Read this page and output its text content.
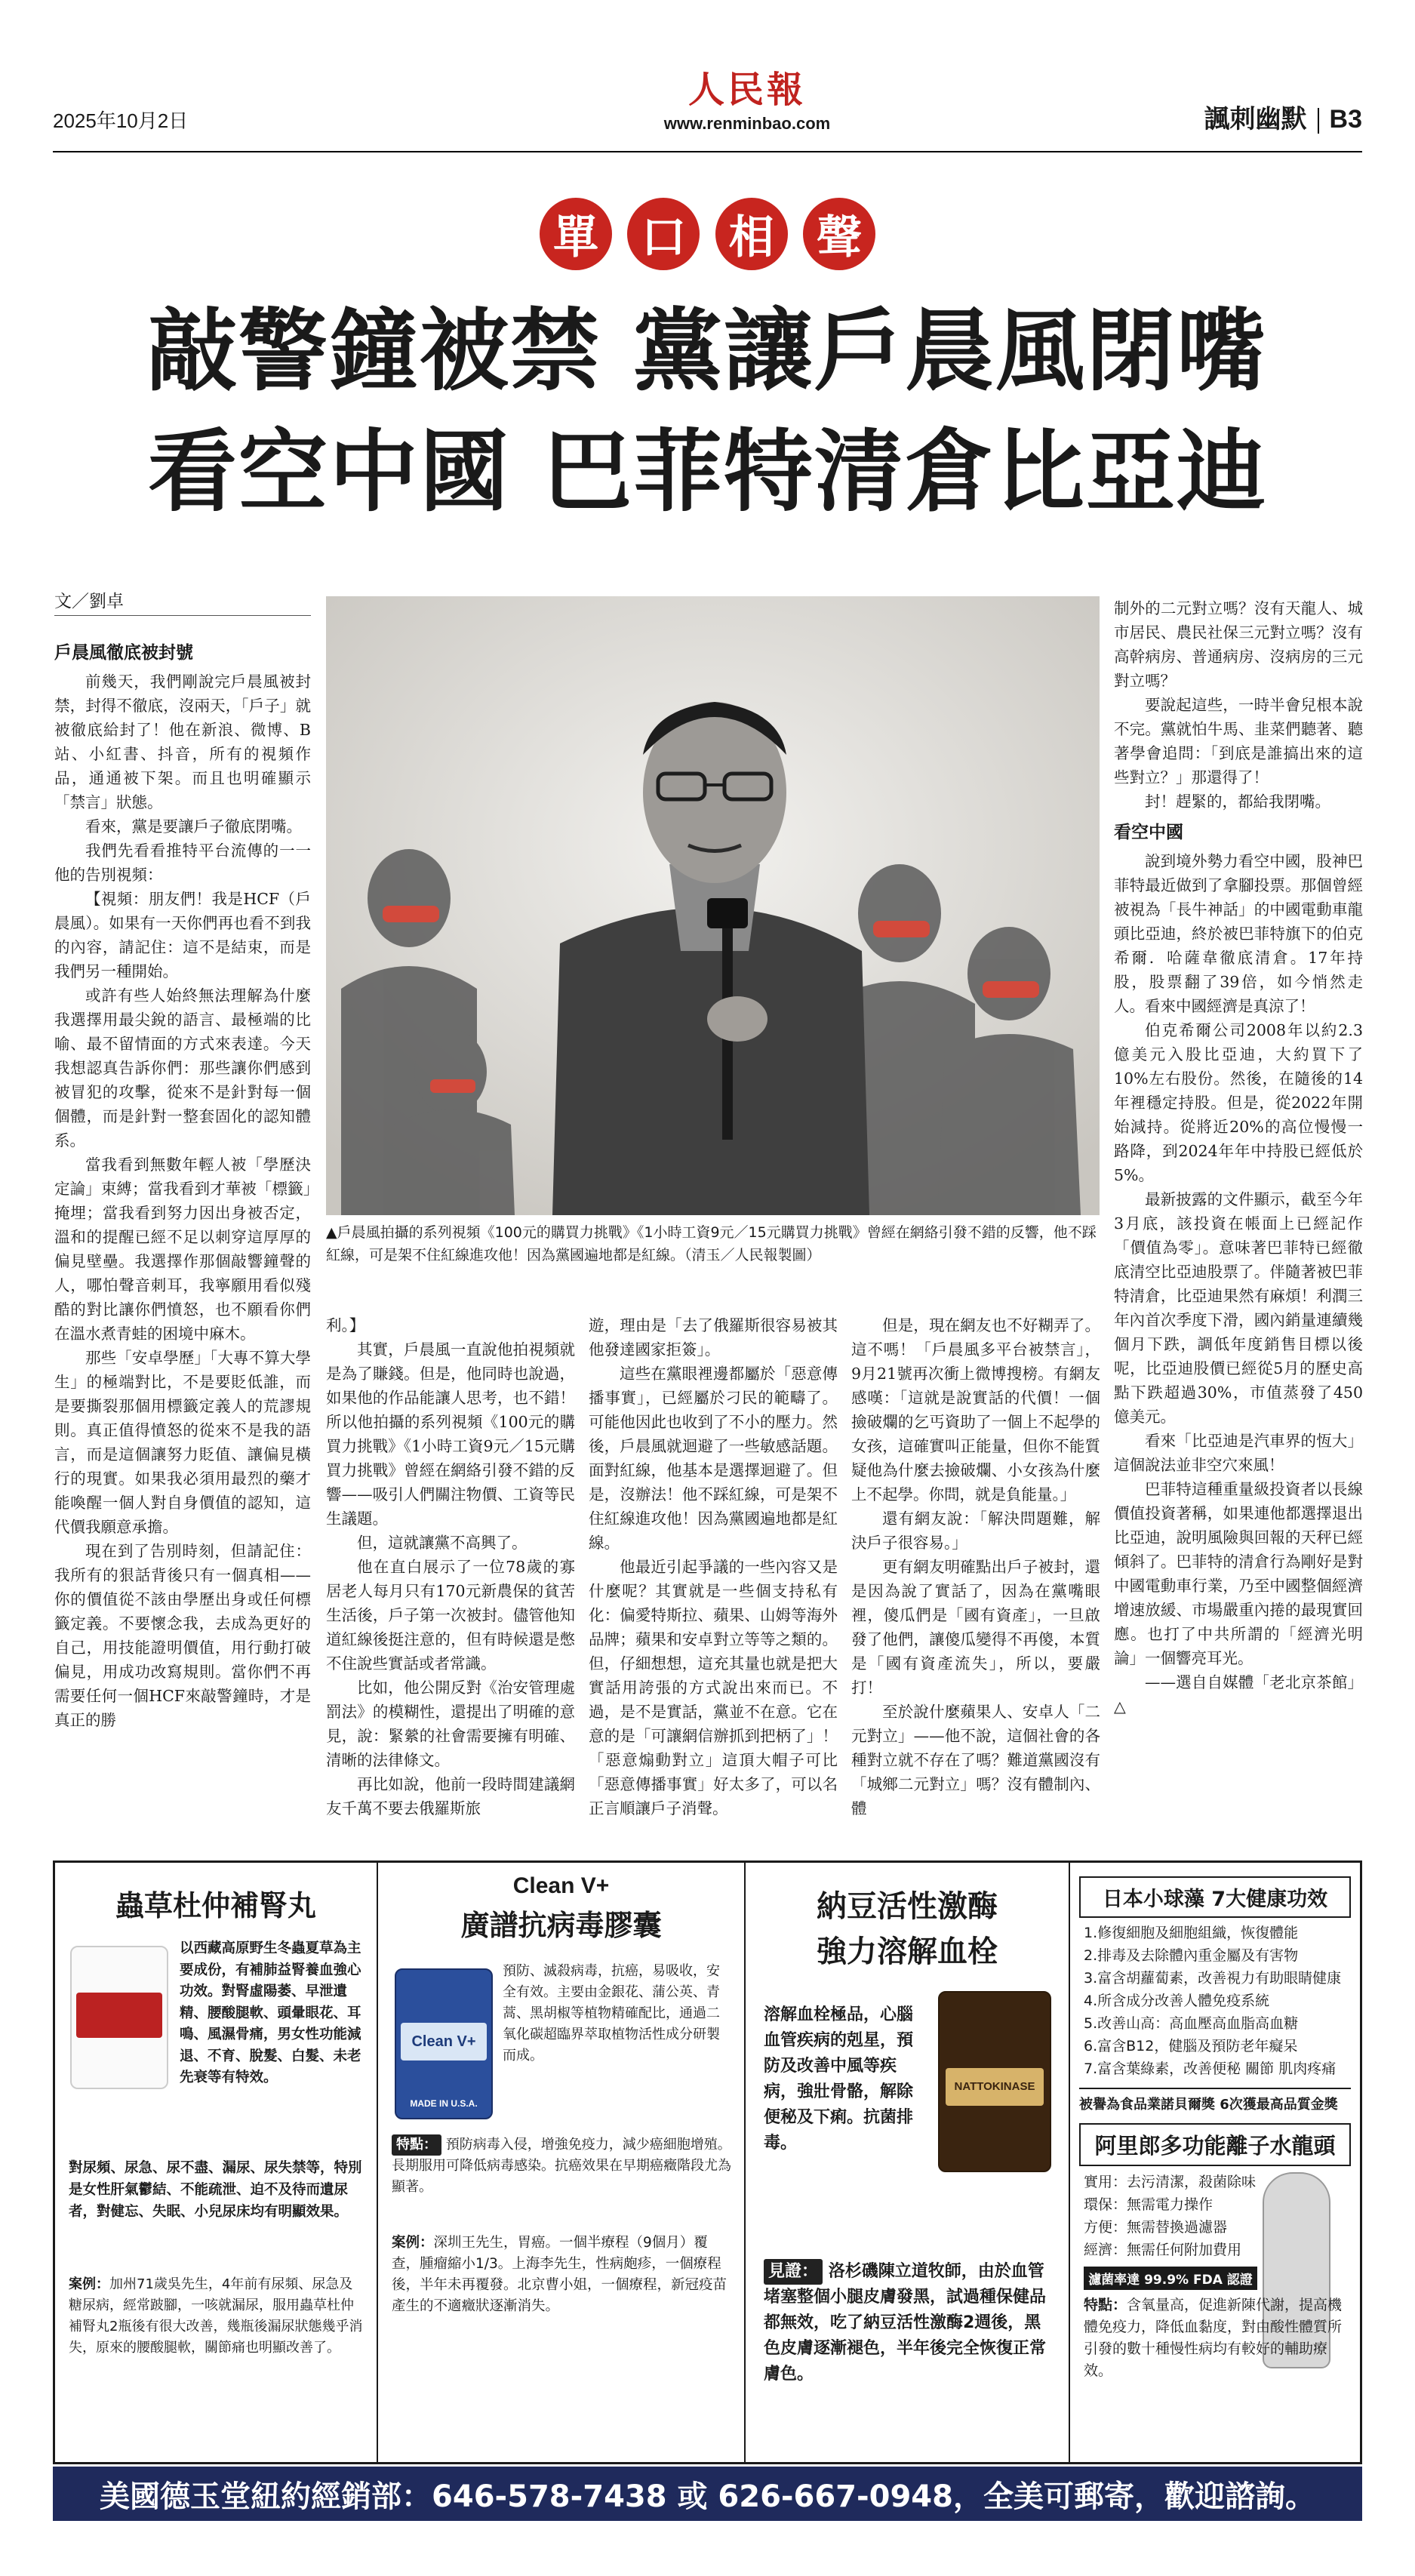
2025年10月2日
人民報
www.renminbao.com	諷刺幽默 B3
單 口 相 聲
敲警鐘被禁 黨讓戶晨風閉嘴
看空中國 巴菲特清倉比亞迪
文／劉卓
戶晨風徹底被封號

前幾天，我們剛說完戶晨風被封禁，封得不徹底，沒兩天，「戶子」就被徹底給封了！他在新浪、微博、B站、小紅書、抖音，所有的視頻作品，通通被下架。而且也明確顯示「禁言」狀態。

看來，黨是要讓戶子徹底閉嘴。

我們先看看推特平台流傳的一一他的告別視頻：

【視頻：朋友們！我是HCF（戶晨風）。如果有一天你們再也看不到我的內容，請記住：這不是結束，而是我們另一種開始。

或許有些人始終無法理解為什麼我選擇用最尖銳的語言、最極端的比喻、最不留情面的方式來表達。今天我想認真告訴你們：那些讓你們感到被冒犯的攻擊，從來不是針對每一個個體，而是針對一整套固化的認知體系。

當我看到無數年輕人被「學歷決定論」束縛；當我看到才華被「標籤」掩埋；當我看到努力因出身被否定，溫和的提醒已經不足以刺穿這厚厚的偏見壁壘。我選擇作那個敲響鐘聲的人，哪怕聲音刺耳，我寧願用看似殘酷的對比讓你們憤怒，也不願看你們在溫水煮青蛙的困境中麻木。

那些「安卓學歷」「大專不算大學生」的極端對比，不是要貶低誰，而是要撕裂那個用標籤定義人的荒謬規則。真正值得憤怒的從來不是我的語言，而是這個讓努力貶值、讓偏見橫行的現實。如果我必須用最烈的藥才能喚醒一個人對自身價值的認知，這代價我願意承擔。

現在到了告別時刻，但請記住：我所有的狠話背後只有一個真相——你的價值從不該由學歷出身或任何標籤定義。不要懷念我，去成為更好的自己，用技能證明價值，用行動打破偏見，用成功改寫規則。當你們不再需要任何一個HCF來敲警鐘時，才是真正的勝

▲戶晨風拍攝的系列視頻《100元的購買力挑戰》《1小時工資9元／15元購買力挑戰》曾經在網絡引發不錯的反響，他不踩紅線，可是架不住紅線進攻他！因為黨國遍地都是紅線。（清玉／人民報製圖）

利。】

其實，戶晨風一直說他拍視頻就是為了賺錢。但是，他同時也說過，如果他的作品能讓人思考，也不錯！所以他拍攝的系列視頻《100元的購買力挑戰》《1小時工資9元／15元購買力挑戰》曾經在網絡引發不錯的反響——吸引人們關注物價、工資等民生議題。

但，這就讓黨不高興了。

他在直白展示了一位78歲的寡居老人每月只有170元新農保的貧苦生活後，戶子第一次被封。儘管他知道紅線後挺注意的，但有時候還是憋不住說些實話或者常識。

比如，他公開反對《治安管理處罰法》的模糊性，還提出了明確的意見，說：緊縈的社會需要擁有明確、清晰的法律條文。

再比如說，他前一段時間建議網友千萬不要去俄羅斯旅

遊，理由是「去了俄羅斯很容易被其他發達國家拒簽」。

這些在黨眼裡邊都屬於「惡意傳播事實」，已經屬於刁民的範疇了。可能他因此也收到了不小的壓力。然後，戶晨風就迴避了一些敏感話題。面對紅線，他基本是選擇迴避了。但是，沒辦法！他不踩紅線，可是架不住紅線進攻他！因為黨國遍地都是紅線。

他最近引起爭議的一些內容又是什麼呢？其實就是一些個支持私有化：偏愛特斯拉、蘋果、山姆等海外品牌；蘋果和安卓對立等等之類的。但，仔細想想，這充其量也就是把大實話用誇張的方式說出來而已。不過，是不是實話，黨並不在意。它在意的是「可讓網信辦抓到把柄了」！「惡意煽動對立」這頂大帽子可比「惡意傳播事實」好太多了，可以名正言順讓戶子消聲。

但是，現在網友也不好糊弄了。這不嗎！「戶晨風多平台被禁言」，9月21號再次衝上微博搜榜。有網友感嘆：「這就是說實話的代價！一個撿破爛的乞丐資助了一個上不起學的女孩，這確實叫正能量，但你不能質疑他為什麼去撿破爛、小女孩為什麼上不起學。你問，就是負能量。」

還有網友說：「解決問題難，解決戶子很容易。」

更有網友明確點出戶子被封，還是因為說了實話了，因為在黨嘴眼裡，傻瓜們是「國有資產」，一旦啟發了他們，讓傻瓜變得不再傻，本質是「國有資產流失」，所以，要嚴打！

至於說什麼蘋果人、安卓人「二元對立」——他不說，這個社會的各種對立就不存在了嗎？難道黨國沒有「城鄉二元對立」嗎？沒有體制內、體

制外的二元對立嗎？沒有天龍人、城市居民、農民社保三元對立嗎？沒有高幹病房、普通病房、沒病房的三元對立嗎？

要說起這些，一時半會兒根本說不完。黨就怕牛馬、韭菜們聽著、聽著學會追問：「到底是誰搞出來的這些對立？」那還得了！

封！趕緊的，都給我閉嘴。

看空中國

說到境外勢力看空中國，股神巴菲特最近做到了拿腳投票。那個曾經被視為「長牛神話」的中國電動車龍頭比亞迪，終於被巴菲特旗下的伯克希爾．哈薩韋徹底清倉。17年持股，股票翻了39倍，如今悄然走人。看來中國經濟是真涼了！

伯克希爾公司2008年以約2.3億美元入股比亞迪，大約買下了10%左右股份。然後，在隨後的14年裡穩定持股。但是，從2022年開始減持。從將近20%的高位慢慢一路降，到2024年年中持股已經低於5%。

最新披露的文件顯示，截至今年3月底，該投資在帳面上已經記作「價值為零」。意味著巴菲特已經徹底清空比亞迪股票了。伴隨著被巴菲特清倉，比亞迪果然有麻煩！利潤三年內首次季度下滑，國內銷量連續幾個月下跌，調低年度銷售目標以後呢，比亞迪股價已經從5月的歷史高點下跌超過30%，市值蒸發了450億美元。

看來「比亞迪是汽車界的恆大」這個說法並非空穴來風！

巴菲特這種重量級投資者以長線價值投資著稱，如果連他都選擇退出比亞迪，說明風險與回報的天秤已經傾斜了。巴菲特的清倉行為剛好是對中國電動車行業，乃至中國整個經濟增速放緩、市場嚴重內捲的最現實回應。也打了中共所謂的「經濟光明論」一個響亮耳光。

——選自自媒體「老北京茶館」△

蟲草杜仲補腎丸
以西藏高原野生冬蟲夏草為主要成份，有補肺益腎養血強心功效。對腎虛陽萎、早泄遺精、腰酸腿軟、頭暈眼花、耳鳴、風濕骨痛，男女性功能減退、不育、脫髮、白髮、未老先衰等有特效。
對尿頻、尿急、尿不盡、漏尿、尿失禁等，特別是女性肝氣鬱結、不能疏泄、迫不及待而遺尿者，對健忘、失眠、小兒尿床均有明顯效果。
案例：加州71歲吳先生，4年前有尿頻、尿急及糖尿病，經常跛腳，一咳就漏尿，服用蟲草杜仲補腎丸2瓶後有很大改善，幾瓶後漏尿狀態幾乎消失，原來的腰酸腿軟，關節痛也明顯改善了。
Clean V+
廣譜抗病毒膠囊
Clean V+
MADE IN U.S.A.
預防、滅殺病毒，抗癌，易吸收，安全有效。主要由金銀花、蒲公英、青蒿、黑胡椒等植物精確配比，通過二氧化碳超臨界萃取植物活性成分研製而成。
特點： 預防病毒入侵，增強免疫力，減少癌細胞增殖。長期服用可降低病毒感染。抗癌效果在早期癌癥階段尤為顯著。
案例：深圳王先生，胃癌。一個半療程（9個月）覆查，腫瘤縮小1/3。上海李先生，性病皰疹，一個療程後，半年未再覆發。北京曹小姐，一個療程，新冠疫苗產生的不適癥狀逐漸消失。
納豆活性激酶
強力溶解血栓
溶解血栓極品，心腦血管疾病的剋星，預防及改善中風等疾病，強壯骨骼，解除便秘及下痢。抗菌排毒。
NATTOKINASE
見證： 洛杉磯陳立道牧師，由於血管堵塞整個小腿皮膚發黑，試過種保健品都無效，吃了納豆活性激酶2週後，黑色皮膚逐漸褪色，半年後完全恢復正常膚色。
日本小球藻 7大健康功效
1.修復細胞及細胞組織，恢復體能
2.排毒及去除體內重金屬及有害物
3.富含胡蘿蔔素，改善視力有助眼睛健康
4.所含成分改善人體免疫系統
5.改善山高：高血壓高血脂高血糖
6.富含B12，健腦及預防老年癡呆
7.富含葉綠素，改善便秘 關節 肌肉疼痛
被譽為食品業諾貝爾獎 6次獲最高品質金獎
阿里郎多功能離子水龍頭
實用：去污清潔，殺菌除味
環保：無需電力操作
方便：無需替換過濾器
經濟：無需任何附加費用
濾菌率達 99.9% FDA 認證
特點：含氧量高，促進新陳代謝，提高機體免疫力，降低血黏度，對由酸性體質所引發的數十種慢性病均有較好的輔助療效。
美國德玉堂紐約經銷部：646-578-7438 或 626-667-0948，全美可郵寄，歡迎諮詢。
